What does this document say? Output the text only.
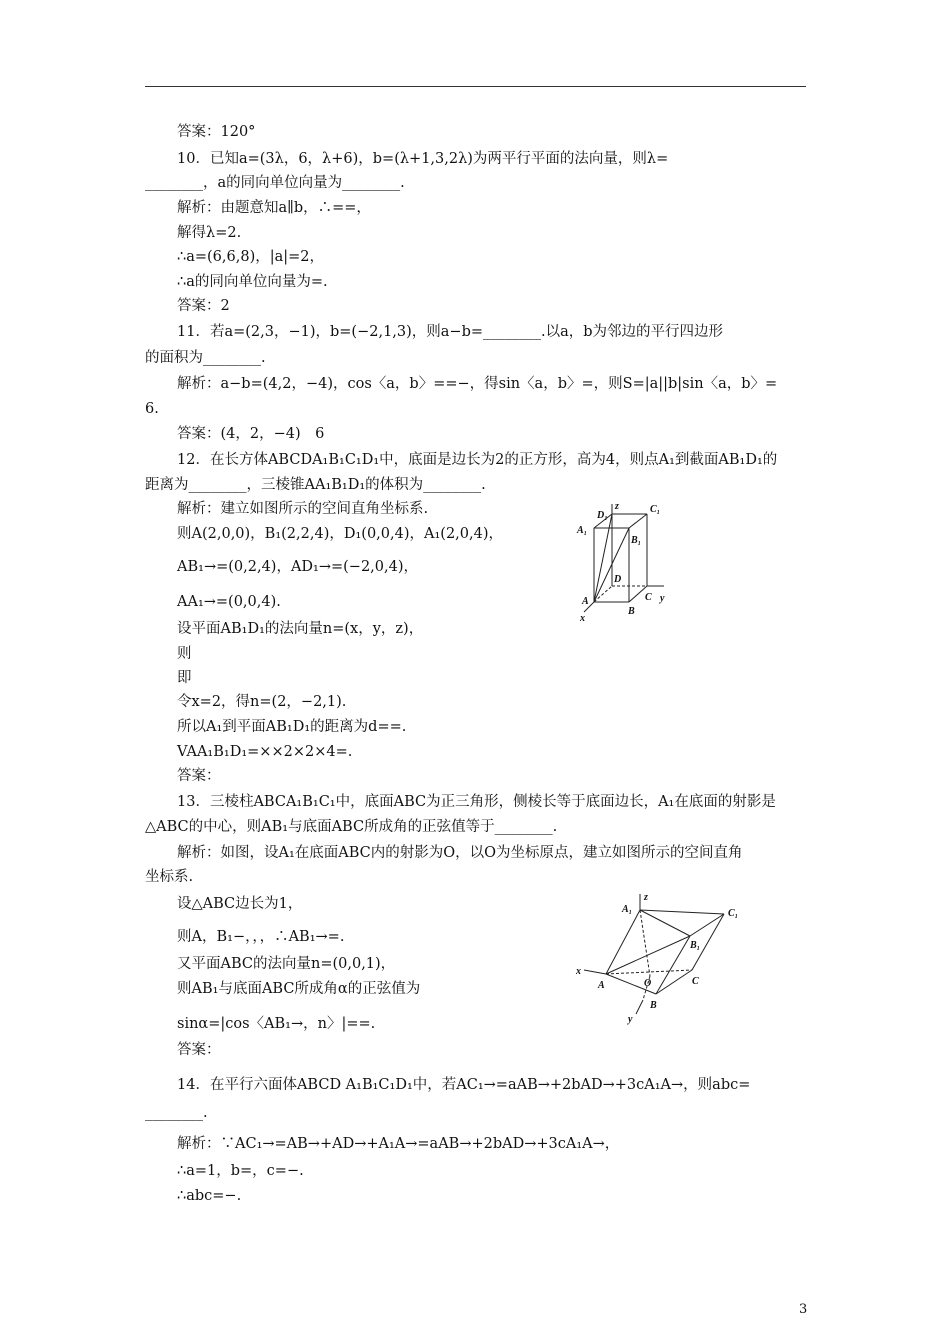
答案：120°
10．已知a=(3λ，6，λ+6)，b=(λ+1,3,2λ)为两平行平面的法向量，则λ=
________，a的同向单位向量为________.
解析：由题意知a∥b，∴==，
解得λ=2.
∴a=(6,6,8)，|a|=2，
∴a的同向单位向量为=.
答案：2
11．若a=(2,3，−1)，b=(−2,1,3)，则a−b=________.以a，b为邻边的平行四边形
的面积为________.
解析：a−b=(4,2，−4)，cos〈a，b〉==−，得sin〈a，b〉=，则S=|a||b|sin〈a，b〉=
6.
答案：(4，2，−4)　6
12．在长方体ABCDA₁B₁C₁D₁中，底面是边长为2的正方形，高为4，则点A₁到截面AB₁D₁的
距离为________，三棱锥AA₁B₁D₁的体积为________.
解析：建立如图所示的空间直角坐标系.
则A(2,0,0)，B₁(2,2,4)，D₁(0,0,4)，A₁(2,0,4)，
AB₁→=(0,2,4)，AD₁→=(−2,0,4)，
AA₁→=(0,0,4).
设平面AB₁D₁的法向量n=(x，y，z)，
则
即
令x=2，得n=(2，−2,1).
所以A₁到平面AB₁D₁的距离为d==.
VAA₁B₁D₁=××2×2×4=.
答案：
13．三棱柱ABCA₁B₁C₁中，底面ABC为正三角形，侧棱长等于底面边长，A₁在底面的射影是
△ABC的中心，则AB₁与底面ABC所成角的正弦值等于________.
解析：如图，设A₁在底面ABC内的射影为O，以O为坐标原点，建立如图所示的空间直角
坐标系.
设△ABC边长为1，
则A，B₁−，，，∴AB₁→=.
又平面ABC的法向量n=(0,0,1)，
则AB₁与底面ABC所成角α的正弦值为
sinα=|cos〈AB₁→，n〉|==.
答案：
14．在平行六面体ABCD A₁B₁C₁D₁中，若AC₁→=aAB→+2bAD→+3cA₁A→，则abc=
________.
解析：∵AC₁→=AB→+AD→+A₁A→=aAB→+2bAD→+3cA₁A→，
∴a=1，b=，c=−.
∴abc=−.
D₁
z	C₁
A₁
B₁
D
A
B
C y
x
A₁
z
C₁
B₁
x
A	O	C
B
y
3
